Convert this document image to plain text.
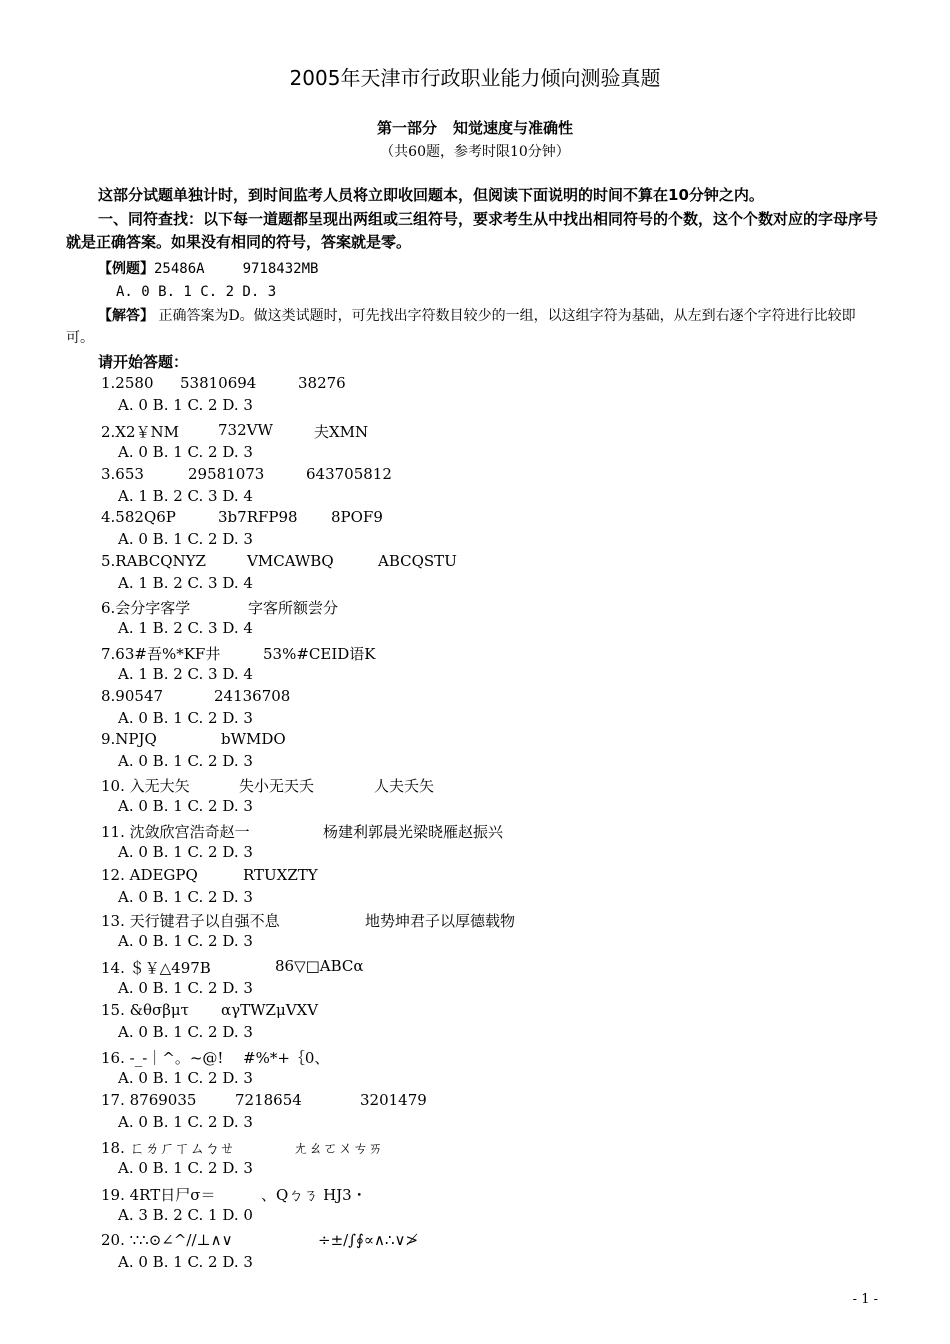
2005年天津市行政职业能力倾向测验真题
第一部分 知觉速度与准确性
（共60题，参考时限10分钟）
这部分试题单独计时，到时间监考人员将立即收回题本，但阅读下面说明的时间不算在10分钟之内。
一、同符查找：以下每一道题都呈现出两组或三组符号，要求考生从中找出相同符号的个数，这个个数对应的字母序号就是正确答案。如果没有相同的符号，答案就是零。
【例题】25486A	9718432MB
A. 0 B. 1 C. 2 D. 3
【解答】 正确答案为D。做这类试题时，可先找出字符数目较少的一组，以这组字符为基础，从左到右逐个字符进行比较即可。
请开始答题：
1.2580 53810694	38276
A. 0 B. 1 C. 2 D. 3
2.X2￥NM	732VW	夫XMN
A. 0 B. 1 C. 2 D. 3
3.653	29581073	643705812
A. 1 B. 2 C. 3 D. 4
4.582Q6P	3b7RFP98 8POF9
A. 0 B. 1 C. 2 D. 3
5.RABCQNYZ	VMCAWBQ	ABCQSTU
A. 1 B. 2 C. 3 D. 4
6.会分字客学	字客所额尝分
A. 1 B. 2 C. 3 D. 4
7.63#吾%*KF井	53%#CEID语K
A. 1 B. 2 C. 3 D. 4
8.90547	24136708
A. 0 B. 1 C. 2 D. 3
9.NPJQ	bWMDO
A. 0 B. 1 C. 2 D. 3
10. 入无大矢	失小无天夭	人夫夭矢
A. 0 B. 1 C. 2 D. 3
11. 沈敛欣宫浩奇赵一	杨建利郭晨光梁晓雁赵振兴
A. 0 B. 1 C. 2 D. 3
12. ADEGPQ	RTUXZTY
A. 0 B. 1 C. 2 D. 3
13. 天行键君子以自强不息	地势坤君子以厚德载物
A. 0 B. 1 C. 2 D. 3
14. ＄￥△497B	86▽□ABCα
A. 0 B. 1 C. 2 D. 3
15. &θσβμτ αγTWZμVXV
A. 0 B. 1 C. 2 D. 3
16. -_-｜^。~@! #%*+｛0、
A. 0 B. 1 C. 2 D. 3
17. 8769035	7218654	3201479
A. 0 B. 1 C. 2 D. 3
18. ㄈㄌㄏㄒㄙㄅㄝ	ㄤㄠㄛㄨㄘㄞ
A. 0 B. 1 C. 2 D. 3
19. 4RT日尸σ＝	、Qㄅㄋ HJ3・
A. 3 B. 2 C. 1 D. 0
20. ∵∴⊙∠^//⊥∧∨	÷±/∫∮∝∧∴∨≯
A. 0 B. 1 C. 2 D. 3
- 1 -
